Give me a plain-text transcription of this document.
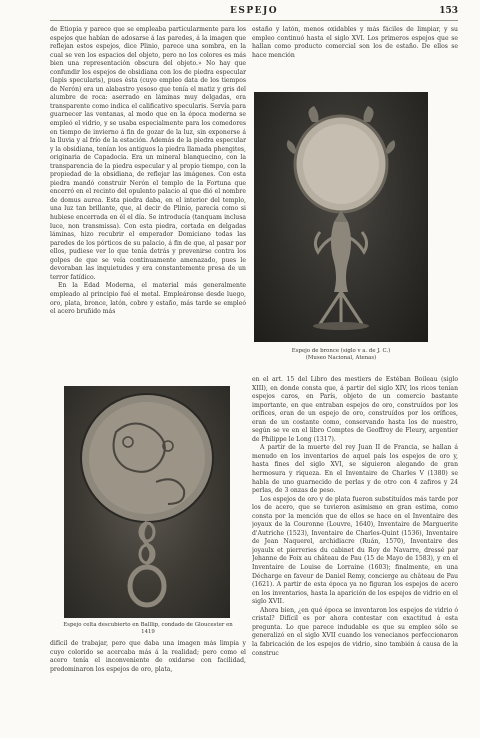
ESPEJO	153

de Etiopía y parece que se empleaba particularmente para los espejos que habían de adosarse á las paredes, á la imagen que reflejan estos espejos, dice Plinio, parece una sombra, en la cual se ven los espacios del objeto, pero no los colores es más bien una representación obscura del objeto.» No hay que confundir los espejos de obsidiana con los de piedra especular (lapis specularis), pues ésta (cuyo empleo data de los tiempos de Nerón) era un alabastro yesoso que tenía el matiz y gris del alumbre de roca: aserrado en láminas muy delgadas, era transparente como indica el calificativo specularis. Servía para guarnecer las ventanas, al modo que en la época moderna se empleó el vidrio, y se usaba especialmente para los comedores en tiempo de invierno á fin de gozar de la luz, sin exponerse á la lluvia y al frío de la estación. Además de la piedra especular y la obsidiana, tenían los antiguos la piedra llamada phengites, originaria de Capadocia. Era un mineral blanquecino, con la transparencia de la piedra especular y al propio tiempo, con la propiedad de la obsidiana, de reflejar las imágenes. Con esta piedra mandó construir Nerón el templo de la Fortuna que encerró en el recinto del opulento palacio al que dió el nombre de domus aurea. Esta piedra daba, en el interior del templo, una luz tan brillante, que, al decir de Plinio, parecía como si hubiese encerrada en él el día. Se introducía (tanquam inclusa luce, non transmissa). Con esta piedra, cortada en delgadas láminas, hizo recubrir el emperador Domiciano todas las paredes de los pórticos de su palacio, á fin de que, al pasar por ellos, pudiese ver lo que tenía detrás y prevenirse contra los golpes de que se veía continuamente amenazado, pues le devoraban las inquietudes y era constantemente presa de un terror fatídico.

En la Edad Moderna, el material más generalmente empleado al principio fué el metal. Empleáronse desde luego, oro, plata, bronce, latón, cobre y estaño, más tarde se empleó el acero bruñido más

Espejo celta descubierto en Balllip, condado de Gloucester en 1419

difícil de trabajar, pero que daba una imagen más limpia y cuyo colorido se acercaba más á la realidad; pero como el acero tenía el inconveniente de oxidarse con facilidad, predominaron los espejos de oro, plata,

estaño y latón, menos oxidables y más fáciles de limpiar, y su empleo continuó hasta el siglo XVI. Los primeros espejos que se hallan como producto comercial son los de estaño. De ellos se hace mención

Espejo de bronce (siglo v a. de J. C.)
(Museo Nacional, Atenas)

en el art. 15 del Libro des mestiers de Estéban Boileau (siglo XIII), en donde consta que, á partir del siglo XIV, los ricos tenían espejos caros, en París, objeto de un comercio bastante importante, en que entraban espejos de oro, construídos por los orífices, eran de un espejo de oro, construídos por los orífices, eran de un costante como, conservando hasta los de nuestro, según se ve en el libro Comptes de Geoffroy de Fleury, argentier de Philippe le Long (1317).

A partir de la muerte del rey Juan II de Francia, se hallan á menudo en los inventarios de aquel país los espejos de oro y, hasta fines del siglo XVI, se siguieron alegando de gran hermosura y riqueza. En el Inventaire de Charles V (1380) se habla de uno guarnecido de perlas y de otro con 4 zafiros y 24 perlas, de 3 onzas de peso.

Los espejos de oro y de plata fueron substituídos más tarde por los de acero, que se tuvieron asimismo en gran estima, como consta por la mención que de ellos se hace en el Inventaire des joyaux de la Couronne (Louvre, 1640), Inventaire de Marguerite d'Autriche (1523), Inventaire de Charles-Quint (1536), Inventaire de Jean Naquerel, archidiacre (Ruán, 1570), Inventaire des joyaulx et pierreries du cabinet du Roy de Navarre, dressé par Jehanne de Foix au château de Pau (15 de Mayo de 1583), y en el Inventaire de Louise de Lorraine (1603); finalmente, en una Décharge en faveur de Daniel Remy, concierge au château de Pau (1621). A partir de esta época ya no figuran los espejos de acero en los inventarios, hasta la aparición de los espejos de vidrio en el siglo XVII.

Ahora bien, ¿en qué época se inventaron los espejos de vidrio ó cristal? Difícil es por ahora contestar con exactitud á esta pregunta. Lo que parece indudable es que su empleo sólo se generalizó en el siglo XVII cuando los venecianos perfeccionaron la fabricación de los espejos de vidrio, sino también á causa de la construc
